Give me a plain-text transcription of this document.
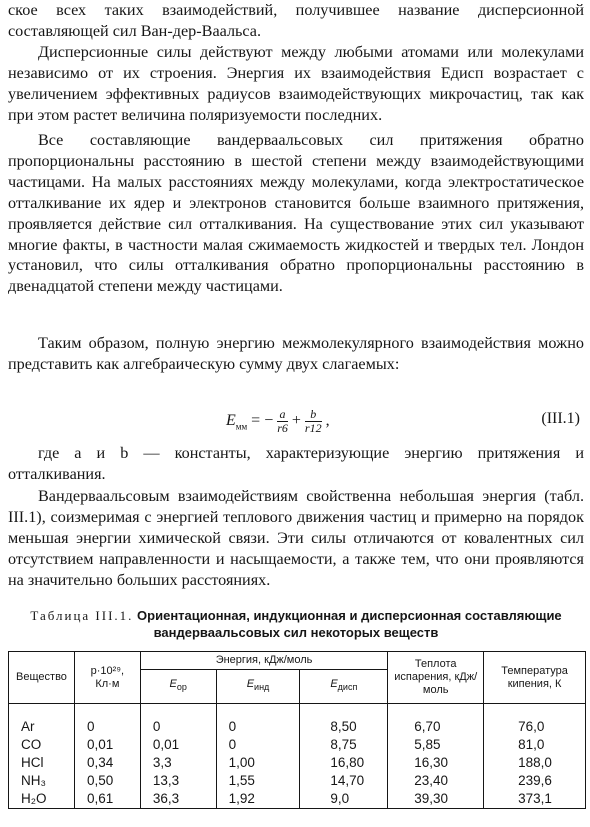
ское всех таких взаимодействий, получившее название дисперсионной составляющей сил Ван-дер-Ваальса.

Дисперсионные силы действуют между любыми атомами или молекулами независимо от их строения. Энергия их взаимодействия Eдисп возрастает с увеличением эффективных радиусов взаимодействующих микрочастиц, так как при этом растет величина поляризуемости последних.

Все составляющие вандерваальсовых сил притяжения обратно пропорциональны расстоянию в шестой степени между взаимодействующими частицами. На малых расстояниях между молекулами, когда электростатическое отталкивание их ядер и электронов становится больше взаимного притяжения, проявляется действие сил отталкивания. На существование этих сил указывают многие факты, в частности малая сжимаемость жидкостей и твердых тел. Лондон установил, что силы отталкивания обратно пропорциональны расстоянию в двенадцатой степени между частицами.

Таким образом, полную энергию межмолекулярного взаимодействия можно представить как алгебраическую сумму двух слагаемых:

$E_{мм}$ = − $\frac{a}{r6} + \frac{b}{r12}$ ,	(III.1)

где a и b — константы, характеризующие энергию притяжения и отталкивания.

Вандерваальсовым взаимодействиям свойственна небольшая энергия (табл. III.1), соизмеримая с энергией теплового движения частиц и примерно на порядок меньшая энергии химической связи. Эти силы отличаются от ковалентных сил отсутствием направленности и насыщаемости, а также тем, что они проявляются на значительно больших расстояниях.

Таблица III.1. Ориентационная, индукционная и дисперсионная составляющие вандерваальсовых сил некоторых веществ
Вещество	p·10²⁹, Кл·м	Энергия, кДж/моль			Теплота испарения, кДж/моль	Температура кипения, К
		$E_{ор}$	$E_{инд}$	$E_{дисп}$
Ar	0	0	0	8,50	6,70	76,0
CO	0,01	0,01	0	8,75	5,85	81,0
HCl	0,34	3,3	1,00	16,80	16,30	188,0
NH₃	0,50	13,3	1,55	14,70	23,40	239,6
H₂O	0,61	36,3	1,92	9,0	39,30	373,1
